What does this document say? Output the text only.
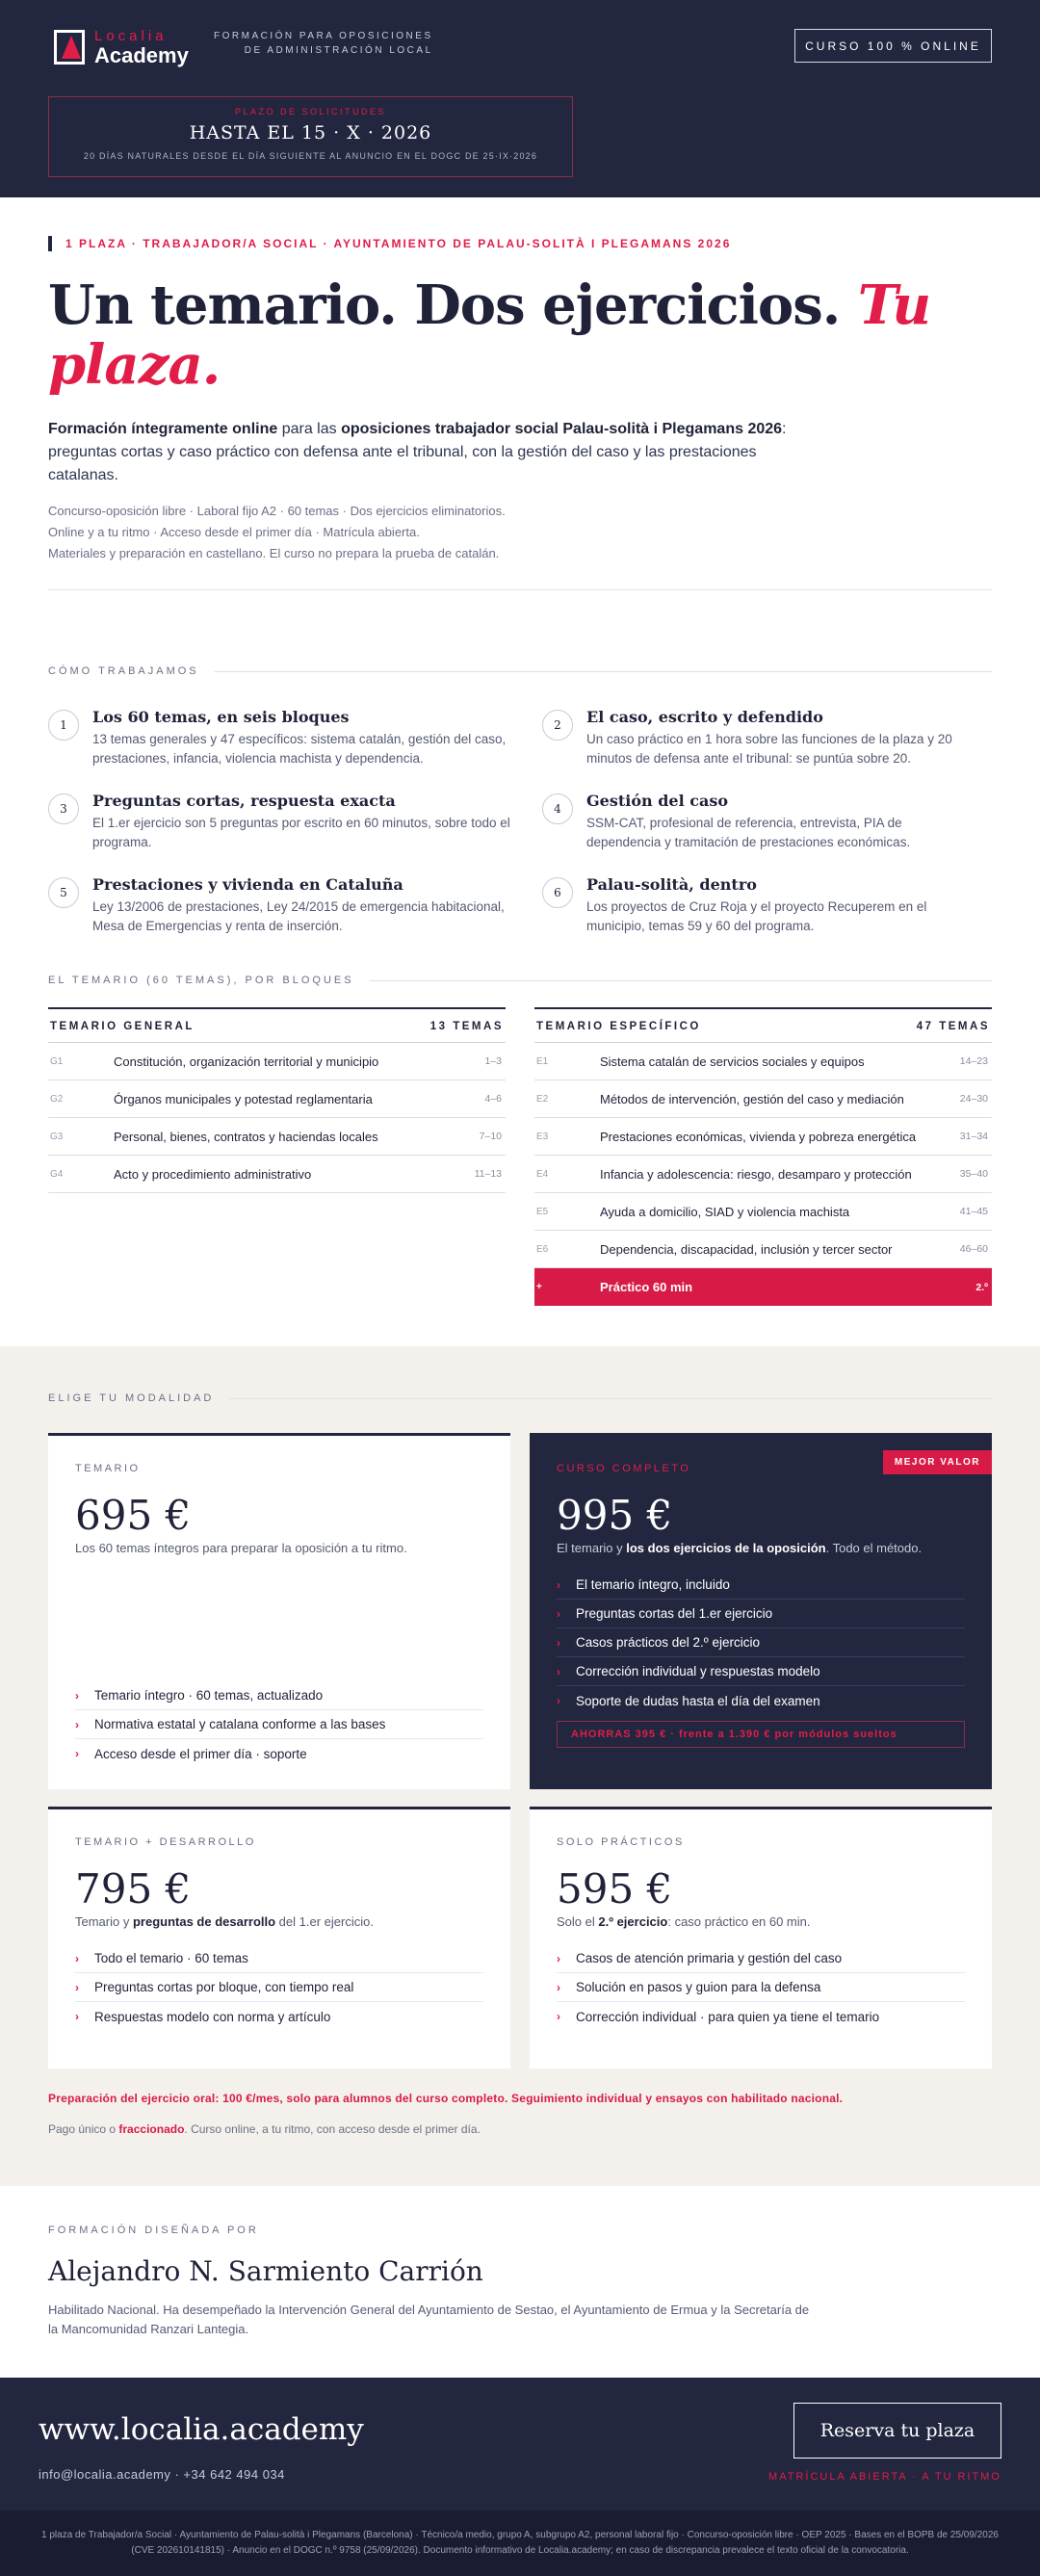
Localia
Academy
FORMACIÓN PARA OPOSICIONES
DE ADMINISTRACIÓN LOCAL	CURSO 100 % ONLINE
PLAZO DE SOLICITUDES
HASTA EL 15 · X · 2026
20 DÍAS NATURALES DESDE EL DÍA SIGUIENTE AL ANUNCIO EN EL DOGC DE 25·IX·2026
1 PLAZA · TRABAJADOR/A SOCIAL · AYUNTAMIENTO DE PALAU-SOLITÀ I PLEGAMANS 2026
Un temario. Dos ejercicios. Tu plaza.

Formación íntegramente online para las oposiciones trabajador social Palau-solità i Plegamans 2026: preguntas cortas y caso práctico con defensa ante el tribunal, con la gestión del caso y las prestaciones catalanas.

Concurso-oposición libre · Laboral fijo A2 · 60 temas · Dos ejercicios eliminatorios.
Online y a tu ritmo · Acceso desde el primer día · Matrícula abierta.
Materiales y preparación en castellano. El curso no prepara la prueba de catalán.
CÓMO TRABAJAMOS
1	Los 60 temas, en seis bloques
13 temas generales y 47 específicos: sistema catalán, gestión del caso, prestaciones, infancia, violencia machista y dependencia.
2	El caso, escrito y defendido
Un caso práctico en 1 hora sobre las funciones de la plaza y 20 minutos de defensa ante el tribunal: se puntúa sobre 20.
3	Preguntas cortas, respuesta exacta
El 1.er ejercicio son 5 preguntas por escrito en 60 minutos, sobre todo el programa.
4	Gestión del caso
SSM-CAT, profesional de referencia, entrevista, PIA de dependencia y tramitación de prestaciones económicas.
5	Prestaciones y vivienda en Cataluña
Ley 13/2006 de prestaciones, Ley 24/2015 de emergencia habitacional, Mesa de Emergencias y renta de inserción.
6	Palau-solità, dentro
Los proyectos de Cruz Roja y el proyecto Recuperem en el municipio, temas 59 y 60 del programa.
EL TEMARIO (60 TEMAS), POR BLOQUES
TEMARIO GENERAL	13 TEMAS
G1	Constitución, organización territorial y municipio	1–3
G2	Órganos municipales y potestad reglamentaria	4–6
G3	Personal, bienes, contratos y haciendas locales	7–10
G4	Acto y procedimiento administrativo	11–13
TEMARIO ESPECÍFICO	47 TEMAS
E1	Sistema catalán de servicios sociales y equipos	14–23
E2	Métodos de intervención, gestión del caso y mediación	24–30
E3	Prestaciones económicas, vivienda y pobreza energética	31–34
E4	Infancia y adolescencia: riesgo, desamparo y protección	35–40
E5	Ayuda a domicilio, SIAD y violencia machista	41–45
E6	Dependencia, discapacidad, inclusión y tercer sector	46–60
+	Práctico 60 min	2.º
ELIGE TU MODALIDAD
TEMARIO
695 €
Los 60 temas íntegros para preparar la oposición a tu ritmo.
›	Temario íntegro · 60 temas, actualizado
›	Normativa estatal y catalana conforme a las bases
›	Acceso desde el primer día · soporte
MEJOR VALOR
CURSO COMPLETO
995 €
El temario y los dos ejercicios de la oposición. Todo el método.
›	El temario íntegro, incluido
›	Preguntas cortas del 1.er ejercicio
›	Casos prácticos del 2.º ejercicio
›	Corrección individual y respuestas modelo
›	Soporte de dudas hasta el día del examen
AHORRAS 395 € · frente a 1.390 € por módulos sueltos
TEMARIO + DESARROLLO
795 €
Temario y preguntas de desarrollo del 1.er ejercicio.
›	Todo el temario · 60 temas
›	Preguntas cortas por bloque, con tiempo real
›	Respuestas modelo con norma y artículo
SOLO PRÁCTICOS
595 €
Solo el 2.º ejercicio: caso práctico en 60 min.
›	Casos de atención primaria y gestión del caso
›	Solución en pasos y guion para la defensa
›	Corrección individual · para quien ya tiene el temario
Preparación del ejercicio oral: 100 €/mes, solo para alumnos del curso completo. Seguimiento individual y ensayos con habilitado nacional.
Pago único o fraccionado. Curso online, a tu ritmo, con acceso desde el primer día.
FORMACIÓN DISEÑADA POR
Alejandro N. Sarmiento Carrión
Habilitado Nacional. Ha desempeñado la Intervención General del Ayuntamiento de Sestao, el Ayuntamiento de Ermua y la Secretaría de la Mancomunidad Ranzari Lantegia.
www.localia.academy
info@localia.academy · +34 642 494 034
Reserva tu plaza
MATRÍCULA ABIERTA · A TU RITMO
1 plaza de Trabajador/a Social · Ayuntamiento de Palau-solità i Plegamans (Barcelona) · Técnico/a medio, grupo A, subgrupo A2, personal laboral fijo · Concurso-oposición libre · OEP 2025 · Bases en el BOPB de 25/09/2026 (CVE 202610141815) · Anuncio en el DOGC n.º 9758 (25/09/2026). Documento informativo de Localia.academy; en caso de discrepancia prevalece el texto oficial de la convocatoria.
